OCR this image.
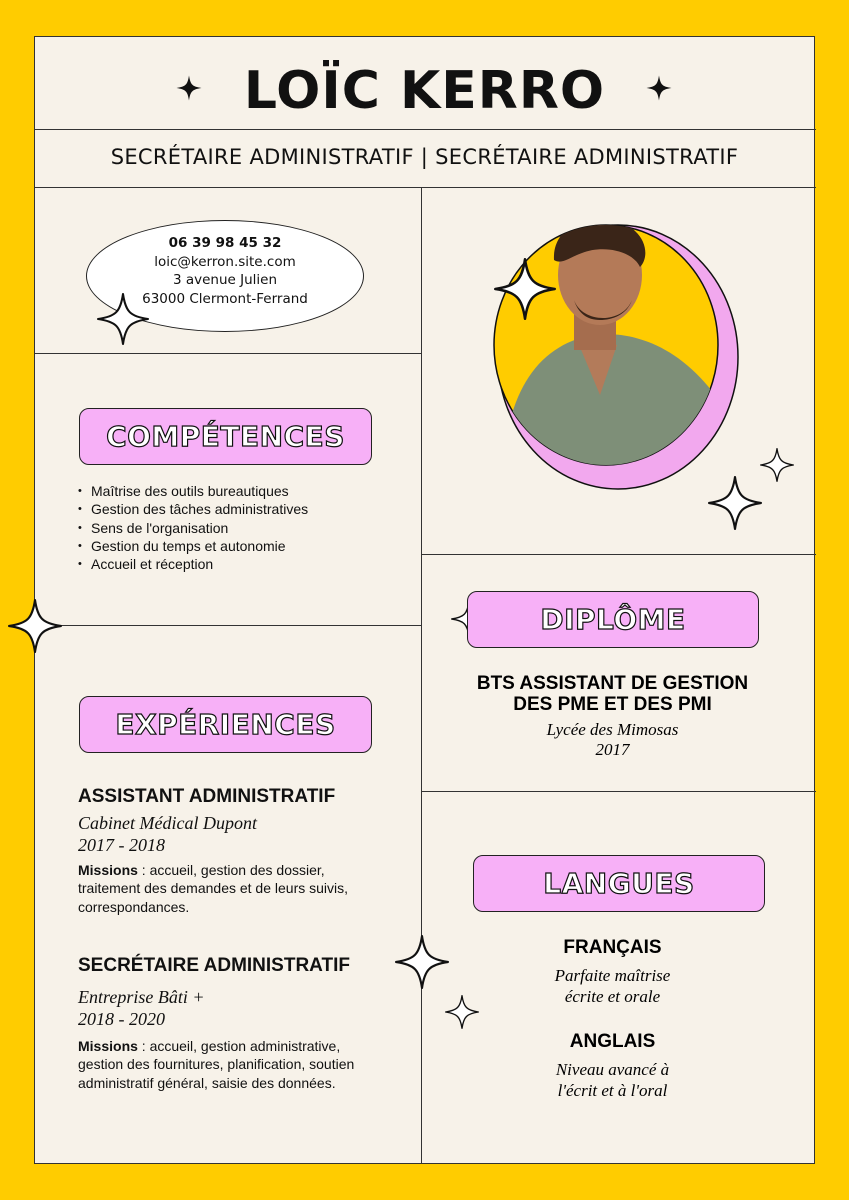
LOÏC KERRO
SECRÉTAIRE ADMINISTRATIF | SECRÉTAIRE ADMINISTRATIF
06 39 98 45 32
loic@kerron.site.com
3 avenue Julien
63000 Clermont-Ferrand
COMPÉTENCES
• Maîtrise des outils bureautiques
• Gestion des tâches administratives
• Sens de l'organisation
• Gestion du temps et autonomie
• Accueil et réception
EXPÉRIENCES
ASSISTANT ADMINISTRATIF
Cabinet Médical Dupont
2017 - 2018
Missions : accueil, gestion des dossier, traitement des demandes et de leurs suivis, correspondances.
SECRÉTAIRE ADMINISTRATIF
Entreprise Bâti +
2018 - 2020
Missions : accueil, gestion administrative, gestion des fournitures, planification, soutien administratif général, saisie des données.
DIPLÔME
BTS ASSISTANT DE GESTION
DES PME ET DES PMI
Lycée des Mimosas
2017
LANGUES
FRANÇAIS
Parfaite maîtrise
écrite et orale
ANGLAIS
Niveau avancé à
l'écrit et à l'oral
